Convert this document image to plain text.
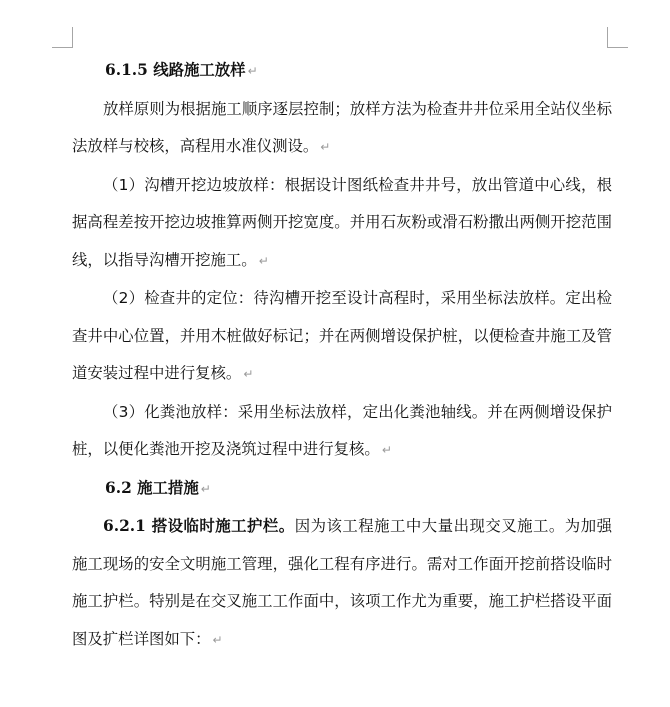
6.1.5 线路施工放样 ↵

放样原则为根据施工顺序逐层控制；放样方法为检查井井位采用全站仪坐标法放样与校核，高程用水准仪测设。 ↵

（1）沟槽开挖边坡放样：根据设计图纸检查井井号，放出管道中心线，根据高程差按开挖边坡推算两侧开挖宽度。并用石灰粉或滑石粉撒出两侧开挖范围线，以指导沟槽开挖施工。 ↵

（2）检查井的定位：待沟槽开挖至设计高程时，采用坐标法放样。定出检查井中心位置，并用木桩做好标记；并在两侧增设保护桩，以便检查井施工及管道安装过程中进行复核。 ↵

（3）化粪池放样：采用坐标法放样，定出化粪池轴线。并在两侧增设保护桩，以便化粪池开挖及浇筑过程中进行复核。 ↵

6.2 施工措施 ↵

6.2.1 搭设临时施工护栏。因为该工程施工中大量出现交叉施工。为加强施工现场的安全文明施工管理，强化工程有序进行。需对工作面开挖前搭设临时施工护栏。特别是在交叉施工工作面中，该项工作尤为重要，施工护栏搭设平面图及扩栏详图如下： ↵
